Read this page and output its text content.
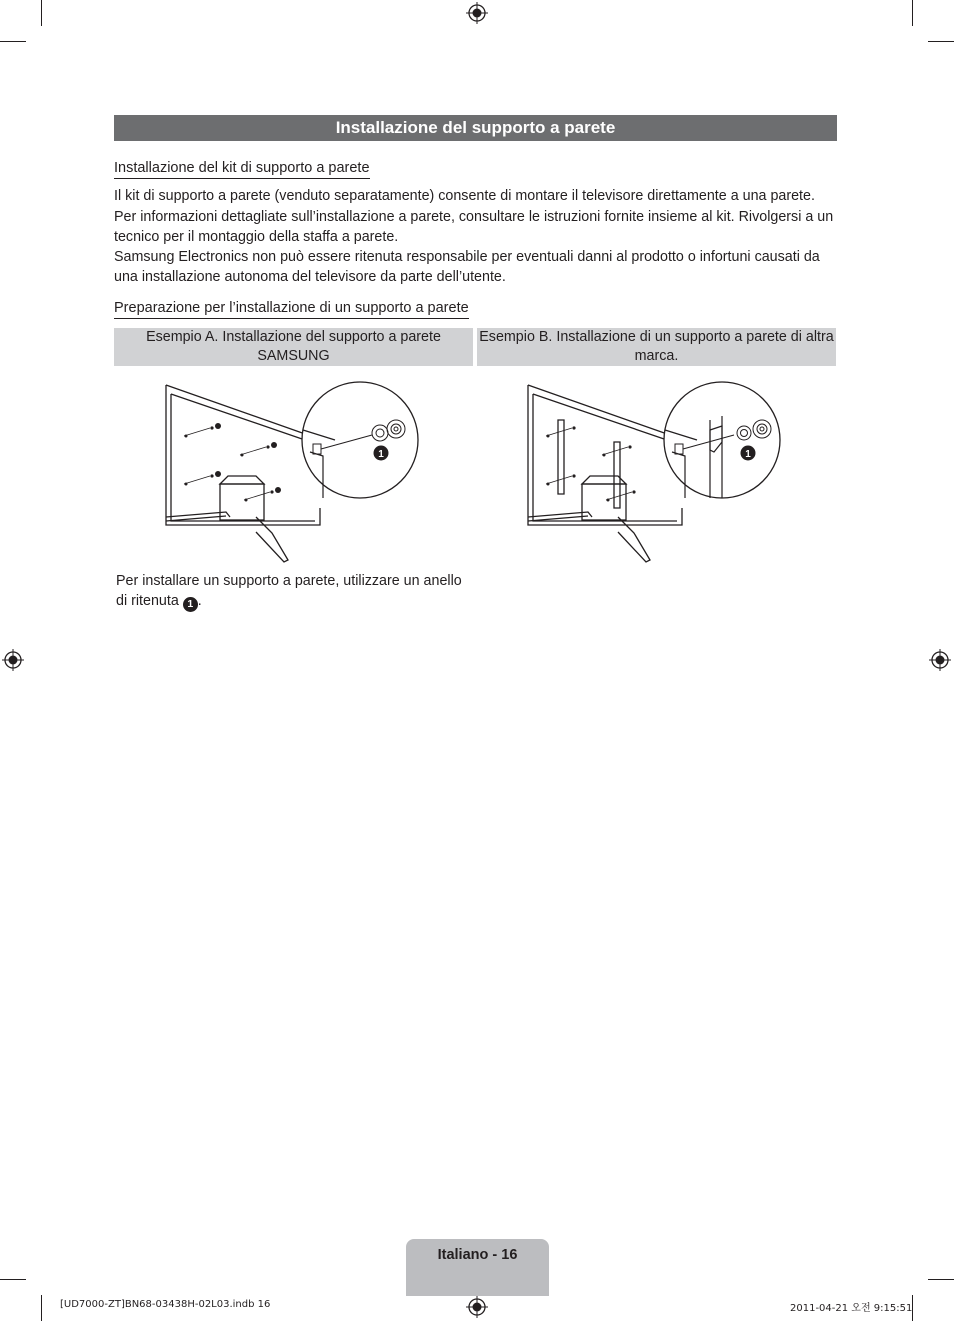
Installazione del supporto a parete
Installazione del kit di supporto a parete

Il kit di supporto a parete (venduto separatamente) consente di montare il televisore direttamente a una parete.

Per informazioni dettagliate sull’installazione a parete, consultare le istruzioni fornite insieme al kit. Rivolgersi a un tecnico per il montaggio della staffa a parete.

Samsung Electronics non può essere ritenuta responsabile per eventuali danni al prodotto o infortuni causati da una installazione autonoma del televisore da parte dell’utente.

Preparazione per l’installazione di un supporto a parete
Esempio A. Installazione del supporto a parete SAMSUNG
Esempio B. Installazione di un supporto a parete di altra marca.
1	1

Per installare un supporto a parete, utilizzare un anello di ritenuta 1 .

Italiano - 16
[UD7000-ZT]BN68-03438H-02L03.indb 16	2011-04-21 오전 9:15:51
